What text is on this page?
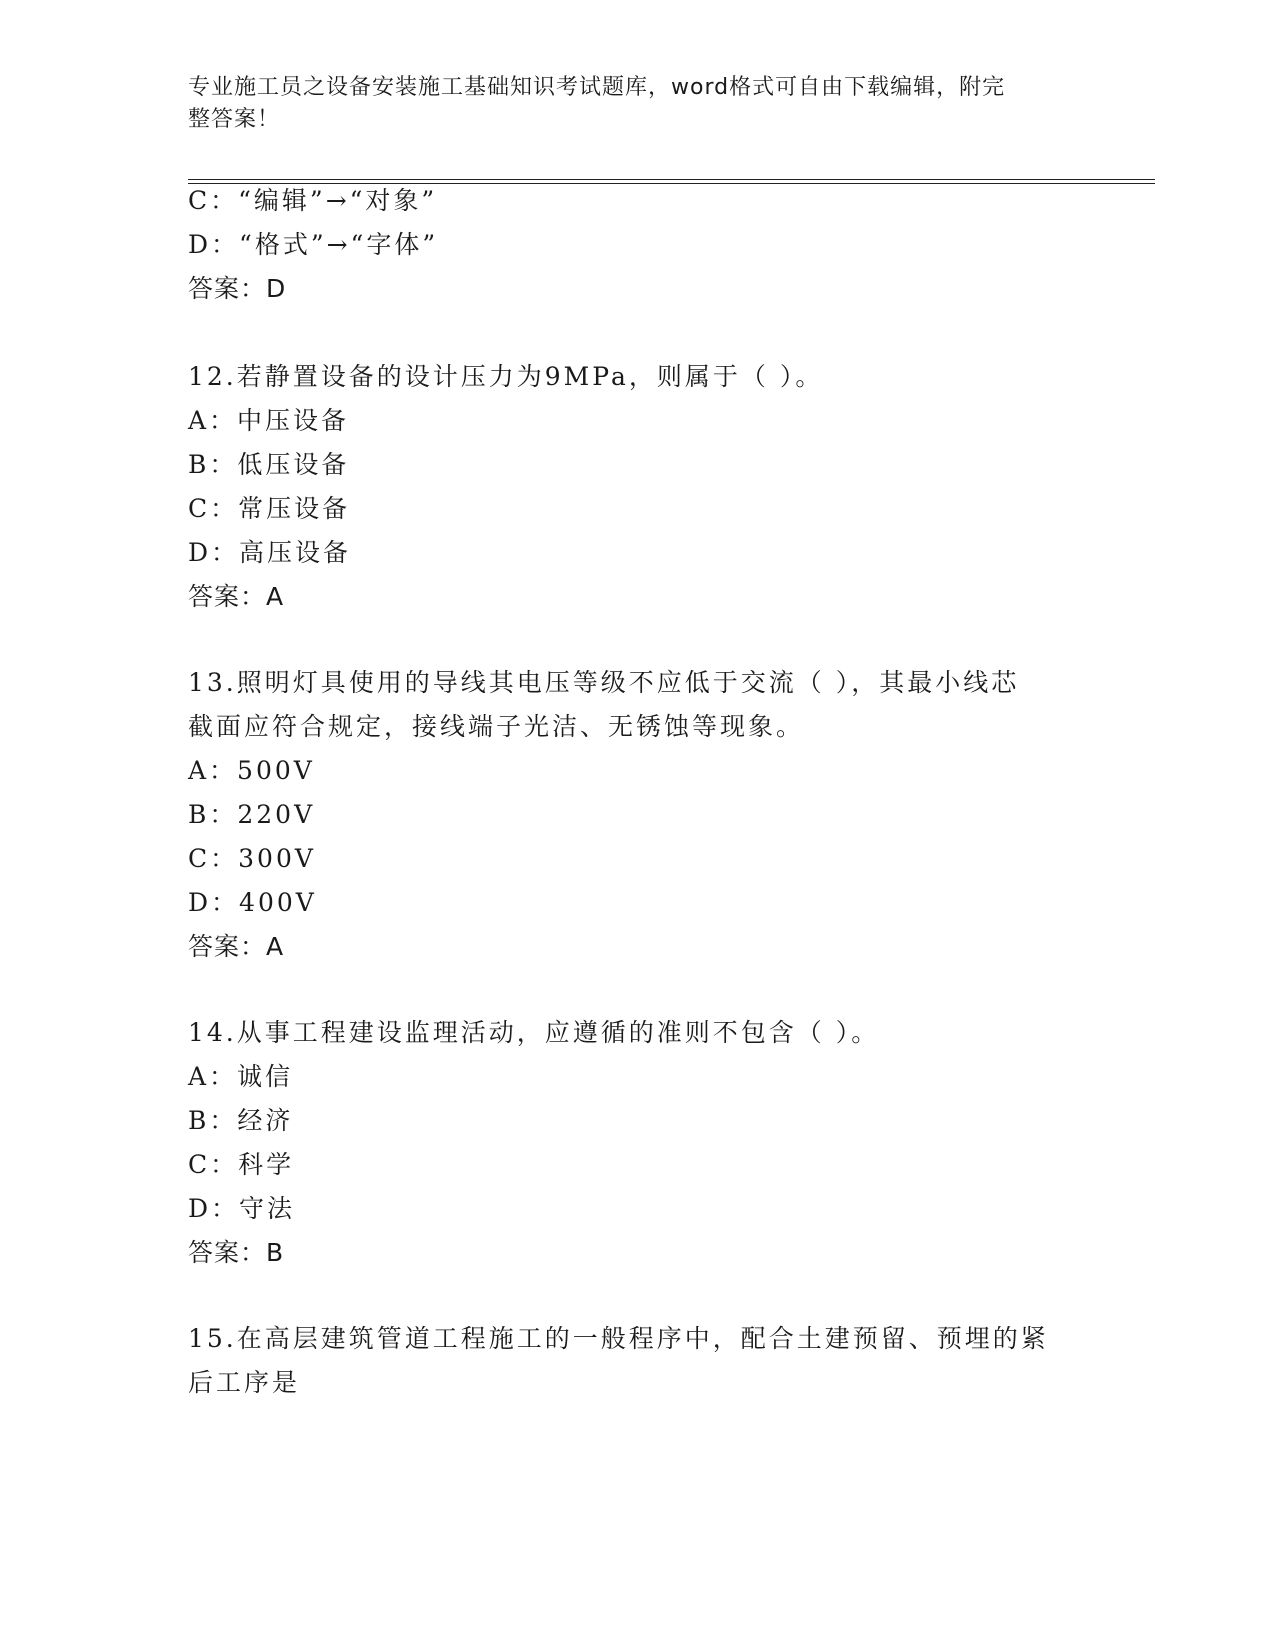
专业施工员之设备安装施工基础知识考试题库，word格式可自由下载编辑，附完
整答案！
C：“编辑”→“对象”
D：“格式”→“字体”
答案：D
12.若静置设备的设计压力为9MPa，则属于（ ）。
A：中压设备
B：低压设备
C：常压设备
D：高压设备
答案：A
13.照明灯具使用的导线其电压等级不应低于交流（ ），其最小线芯
截面应符合规定，接线端子光洁、无锈蚀等现象。
A：500V
B：220V
C：300V
D：400V
答案：A
14.从事工程建设监理活动，应遵循的准则不包含（ ）。
A：诚信
B：经济
C：科学
D：守法
答案：B
15.在高层建筑管道工程施工的一般程序中，配合土建预留、预埋的紧
后工序是
